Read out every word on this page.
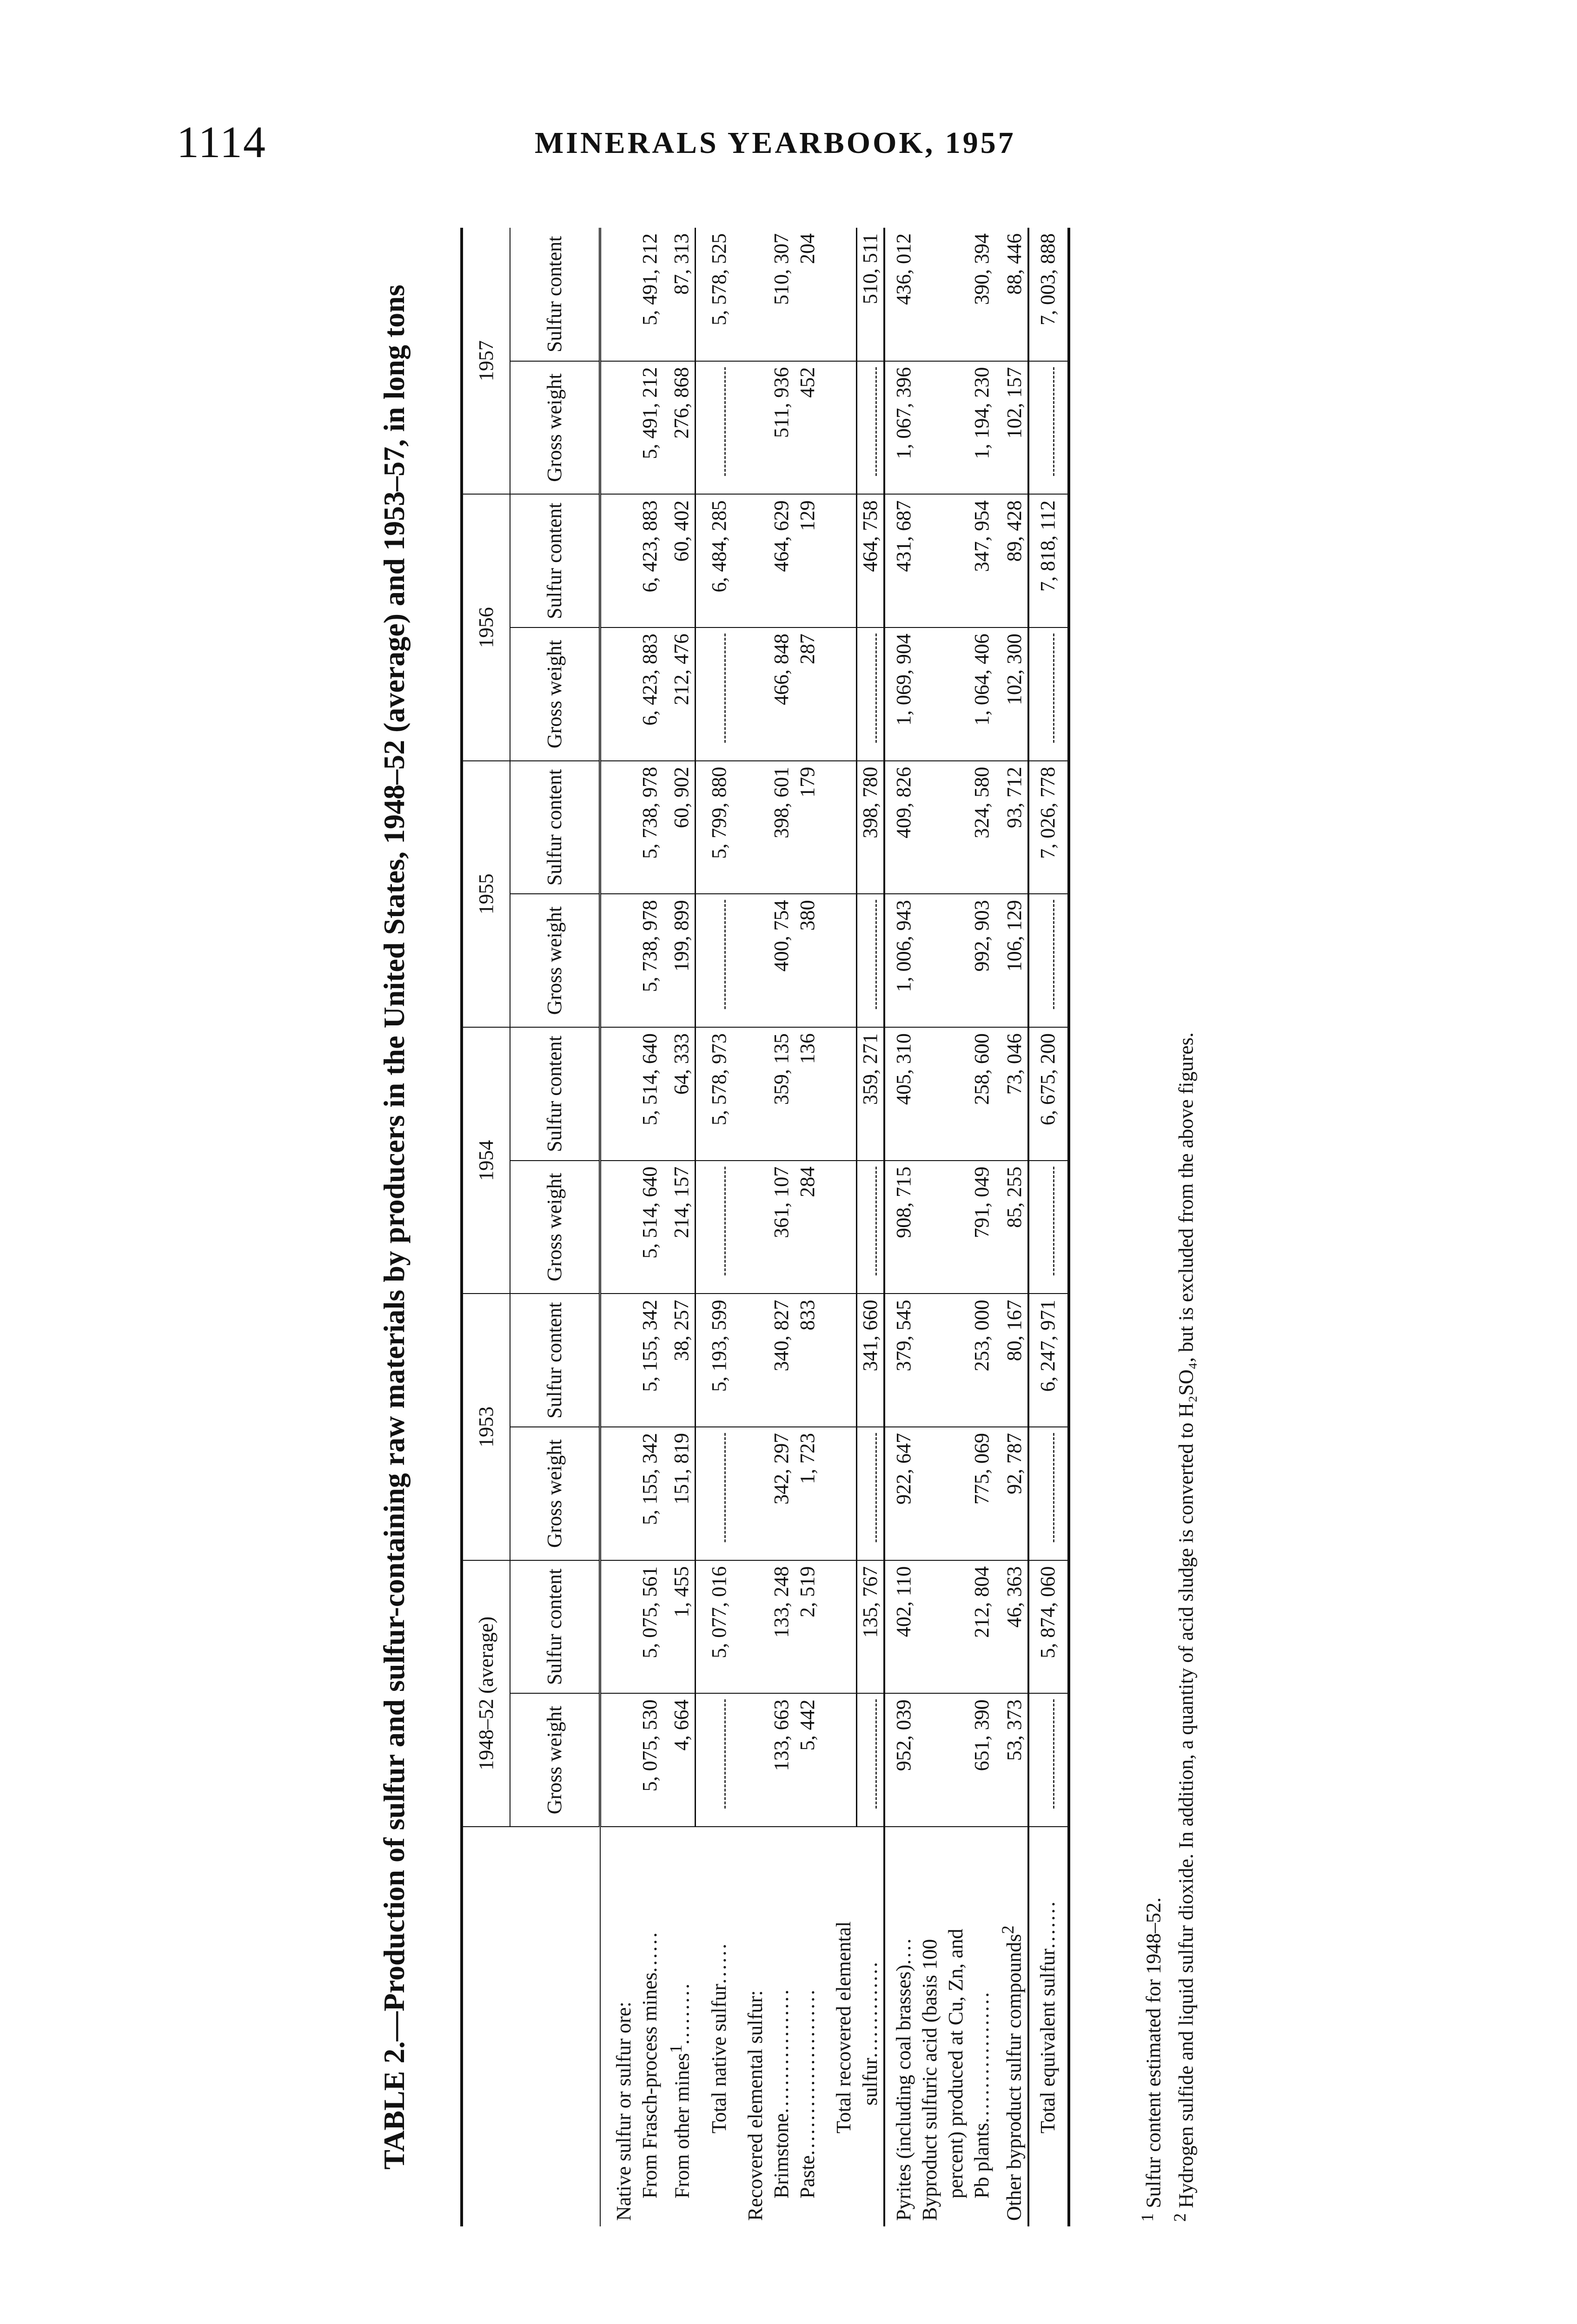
1114	MINERALS YEARBOOK, 1957
TABLE 2.—Production of sulfur and sulfur-containing raw materials by producers in the United States, 1948–52 (average) and 1953–57, in long tons
		1948–52 (average)		1953		1954		1955		1956		1957	
	Gross weight	Sulfur content	Gross weight	Sulfur content	Gross weight	Sulfur content	Gross weight	Sulfur content	Gross weight	Sulfur content	Gross weight	Sulfur content
Native sulfur or sulfur ore:												
From Frasch-process mines......	5, 075, 530	5, 075, 561	5, 155, 342	5, 155, 342	5, 514, 640	5, 514, 640	5, 738, 978	5, 738, 978	6, 423, 883	6, 423, 883	5, 491, 212	5, 491, 212
From other mines$^1$.........	4, 664	1, 455	151, 819	38, 257	214, 157	64, 333	199, 899	60, 902	212, 476	60, 402	276, 868	87, 313
Total native sulfur......		5, 077, 016		5, 193, 599		5, 578, 973		5, 799, 880		6, 484, 285		5, 578, 525
Recovered elemental sulfur:												
Brimstone..................	133, 663	133, 248	342, 297	340, 827	361, 107	359, 135	400, 754	398, 601	466, 848	464, 629	511, 936	510, 307
Paste........................	5, 442	2, 519	1, 723	833	284	136	380	179	287	129	452	204
Total recovered elemental												
sulfur..............		135, 767		341, 660		359, 271		398, 780		464, 758		510, 511
Pyrites (including coal brasses)....	952, 039	402, 110	922, 647	379, 545	908, 715	405, 310	1, 006, 943	409, 826	1, 069, 904	431, 687	1, 067, 396	436, 012
Byproduct sulfuric acid (basis 100												
percent) produced at Cu, Zn, and												
Pb plants...................	651, 390	212, 804	775, 069	253, 000	791, 049	258, 600	992, 903	324, 580	1, 064, 406	347, 954	1, 194, 230	390, 394
Other byproduct sulfur compounds$^2$	53, 373	46, 363	92, 787	80, 167	85, 255	73, 046	106, 129	93, 712	102, 300	89, 428	102, 157	88, 446
Total equivalent sulfur.......		5, 874, 060		6, 247, 971		6, 675, 200		7, 026, 778		7, 818, 112		7, 003, 888
$^1$ Sulfur content estimated for 1948–52.
$^2$ Hydrogen sulfide and liquid sulfur dioxide. In addition, a quantity of acid sludge is converted to H₂SO₄, but is excluded from the above figures.
